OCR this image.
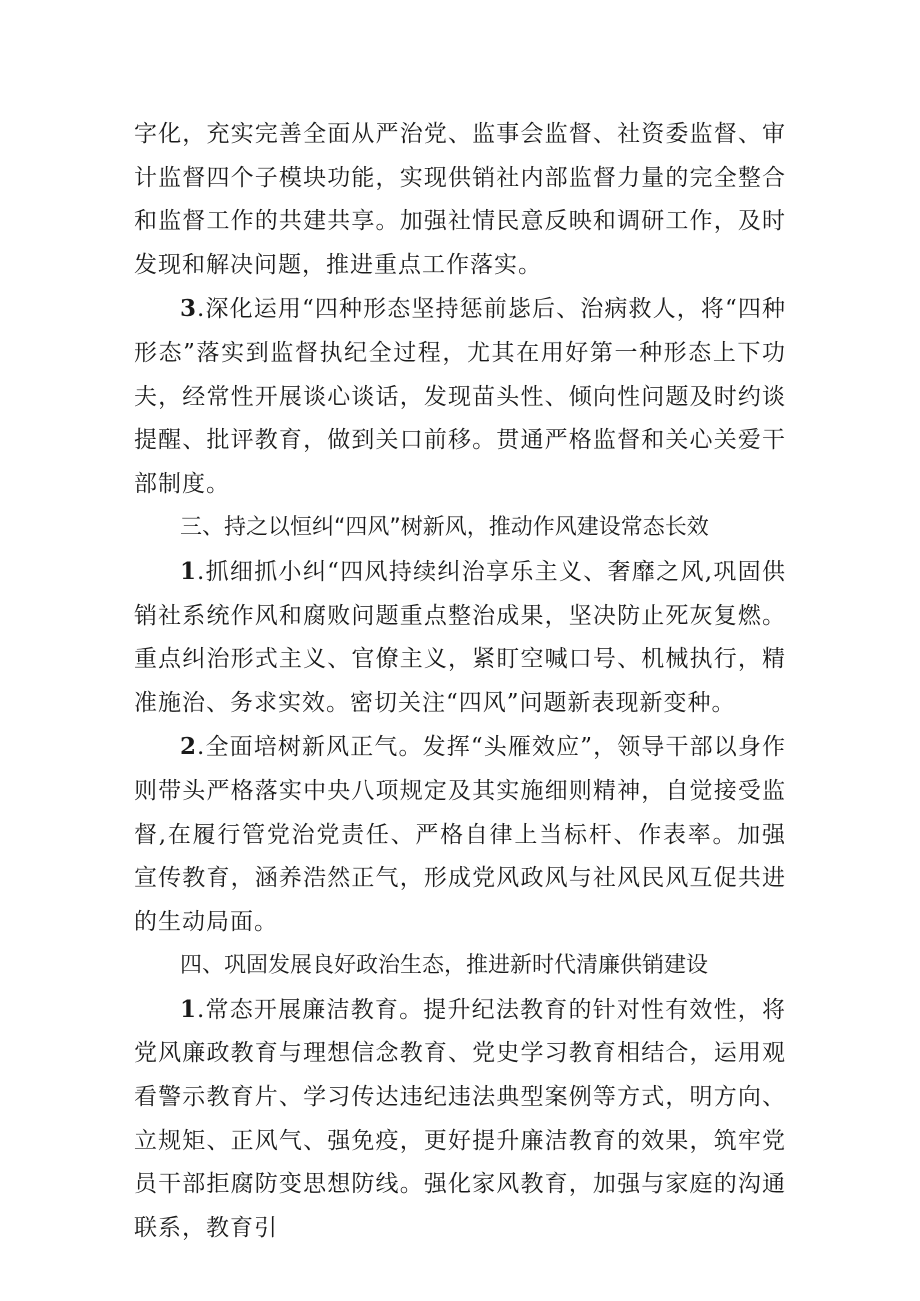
字化，充实完善全面从严治党、监事会监督、社资委监督、审计监督四个子模块功能，实现供销社内部监督力量的完全整合和监督工作的共建共享。加强社情民意反映和调研工作，及时发现和解决问题，推进重点工作落实。

3.深化运用“四种形态坚持惩前毖后、治病救人，将“四种形态”落实到监督执纪全过程，尤其在用好第一种形态上下功夫，经常性开展谈心谈话，发现苗头性、倾向性问题及时约谈提醒、批评教育，做到关口前移。贯通严格监督和关心关爱干部制度。

三、持之以恒纠“四风”树新风，推动作风建设常态长效

1.抓细抓小纠“四风持续纠治享乐主义、奢靡之风,巩固供销社系统作风和腐败问题重点整治成果，坚决防止死灰复燃。重点纠治形式主义、官僚主义，紧盯空喊口号、机械执行，精准施治、务求实效。密切关注“四风”问题新表现新变种。

2.全面培树新风正气。发挥“头雁效应”，领导干部以身作则带头严格落实中央八项规定及其实施细则精神，自觉接受监督,在履行管党治党责任、严格自律上当标杆、作表率。加强宣传教育，涵养浩然正气，形成党风政风与社风民风互促共进的生动局面。

四、巩固发展良好政治生态，推进新时代清廉供销建设

1.常态开展廉洁教育。提升纪法教育的针对性有效性，将党风廉政教育与理想信念教育、党史学习教育相结合，运用观看警示教育片、学习传达违纪违法典型案例等方式，明方向、立规矩、正风气、强免疫，更好提升廉洁教育的效果，筑牢党员干部拒腐防变思想防线。强化家风教育，加强与家庭的沟通联系，教育引
